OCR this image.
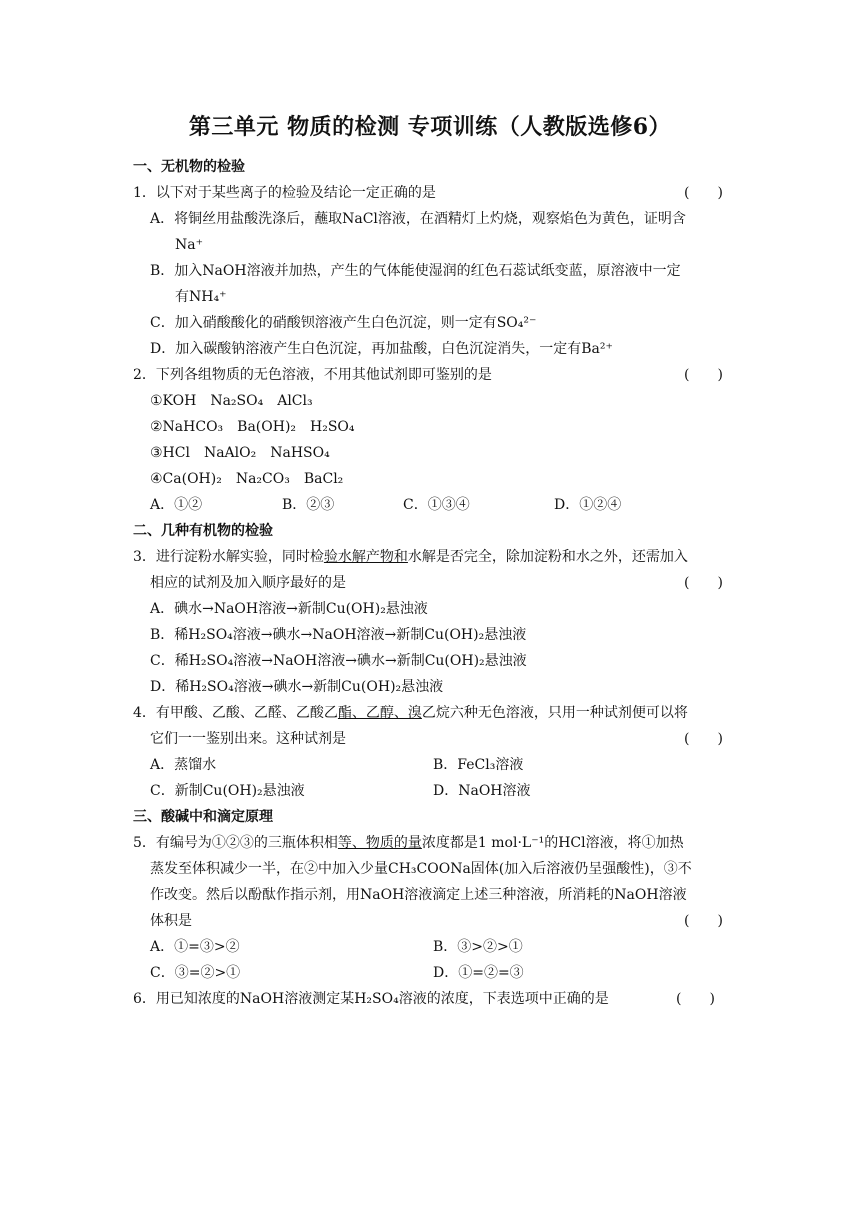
第三单元 物质的检测 专项训练（人教版选修6）
一、无机物的检验
1．以下对于某些离子的检验及结论一定正确的是	(　　)
A．将铜丝用盐酸洗涤后，蘸取NaCl溶液，在酒精灯上灼烧，观察焰色为黄色，证明含
Na⁺
B．加入NaOH溶液并加热，产生的气体能使湿润的红色石蕊试纸变蓝，原溶液中一定
有NH₄⁺
C．加入硝酸酸化的硝酸钡溶液产生白色沉淀，则一定有SO₄²⁻
D．加入碳酸钠溶液产生白色沉淀，再加盐酸，白色沉淀消失，一定有Ba²⁺
2．下列各组物质的无色溶液，不用其他试剂即可鉴别的是	(　　)
①KOH　Na₂SO₄　AlCl₃
②NaHCO₃　Ba(OH)₂　H₂SO₄
③HCl　NaAlO₂　NaHSO₄
④Ca(OH)₂　Na₂CO₃　BaCl₂
A．①②	B．②③	C．①③④	D．①②④
二、几种有机物的检验
3．进行淀粉水解实验，同时检验水解产物和水解是否完全，除加淀粉和水之外，还需加入
相应的试剂及加入顺序最好的是	(　　)
A．碘水→NaOH溶液→新制Cu(OH)₂悬浊液
B．稀H₂SO₄溶液→碘水→NaOH溶液→新制Cu(OH)₂悬浊液
C．稀H₂SO₄溶液→NaOH溶液→碘水→新制Cu(OH)₂悬浊液
D．稀H₂SO₄溶液→碘水→新制Cu(OH)₂悬浊液
4．有甲酸、乙酸、乙醛、乙酸乙酯、乙醇、溴乙烷六种无色溶液，只用一种试剂便可以将
它们一一鉴别出来。这种试剂是	(　　)
A．蒸馏水	B．FeCl₃溶液
C．新制Cu(OH)₂悬浊液	D．NaOH溶液
三、酸碱中和滴定原理
5．有编号为①②③的三瓶体积相等、物质的量浓度都是1 mol·L⁻¹的HCl溶液，将①加热
蒸发至体积减少一半，在②中加入少量CH₃COONa固体(加入后溶液仍呈强酸性)，③不
作改变。然后以酚酞作指示剂，用NaOH溶液滴定上述三种溶液，所消耗的NaOH溶液
体积是	(　　)
A．①=③>②	B．③>②>①
C．③=②>①	D．①=②=③
6．用已知浓度的NaOH溶液测定某H₂SO₄溶液的浓度，下表选项中正确的是	(　　)
